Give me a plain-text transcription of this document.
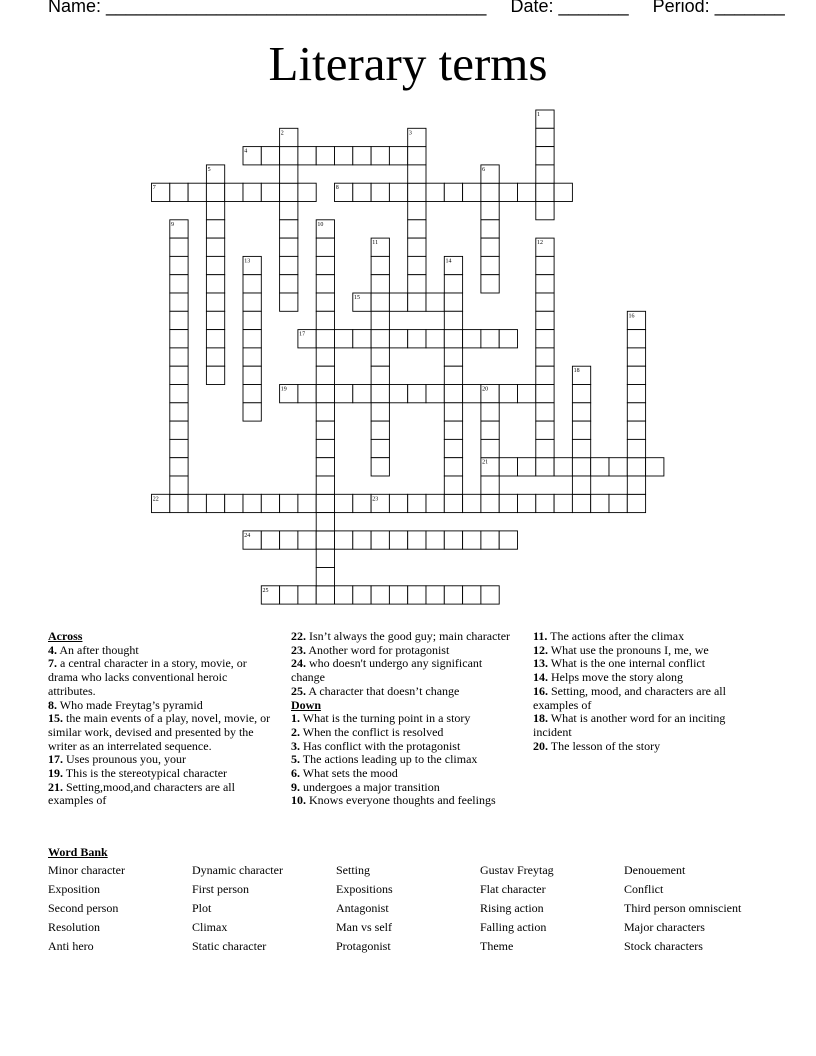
Name: ______________________________________ Date: _______ Period: _______
Literary terms
4
7	8
15
17
19
21
22	23
24
25
1
2	3
5	6
9	10
11	12
13	14
16
18
20
Across
4. An after thought
7. a central character in a story, movie, or drama who lacks conventional heroic attributes.
8. Who made Freytag’s pyramid
15. the main events of a play, novel, movie, or similar work, devised and presented by the writer as an interrelated sequence.
17. Uses prounous you, your
19. This is the stereotypical character
21. Setting,mood,and characters are all examples of
22. Isn’t always the good guy; main character
23. Another word for protagonist
24. who doesn't undergo any significant change
25. A character that doesn’t change
Down
1. What is the turning point in a story
2. When the conflict is resolved
3. Has conflict with the protagonist
5. The actions leading up to the climax
6. What sets the mood
9. undergoes a major transition
10. Knows everyone thoughts and feelings
11. The actions after the climax
12. What use the pronouns I, me, we
13. What is the one internal conflict
14. Helps move the story along
16. Setting, mood, and characters are all examples of
18. What is another word for an inciting incident
20. The lesson of the story
Word Bank
Minor character	Dynamic character	Setting	Gustav Freytag	Denouement
Exposition	First person	Expositions	Flat character	Conflict
Second person	Plot	Antagonist	Rising action	Third person omniscient
Resolution	Climax	Man vs self	Falling action	Major characters
Anti hero	Static character	Protagonist	Theme	Stock characters
